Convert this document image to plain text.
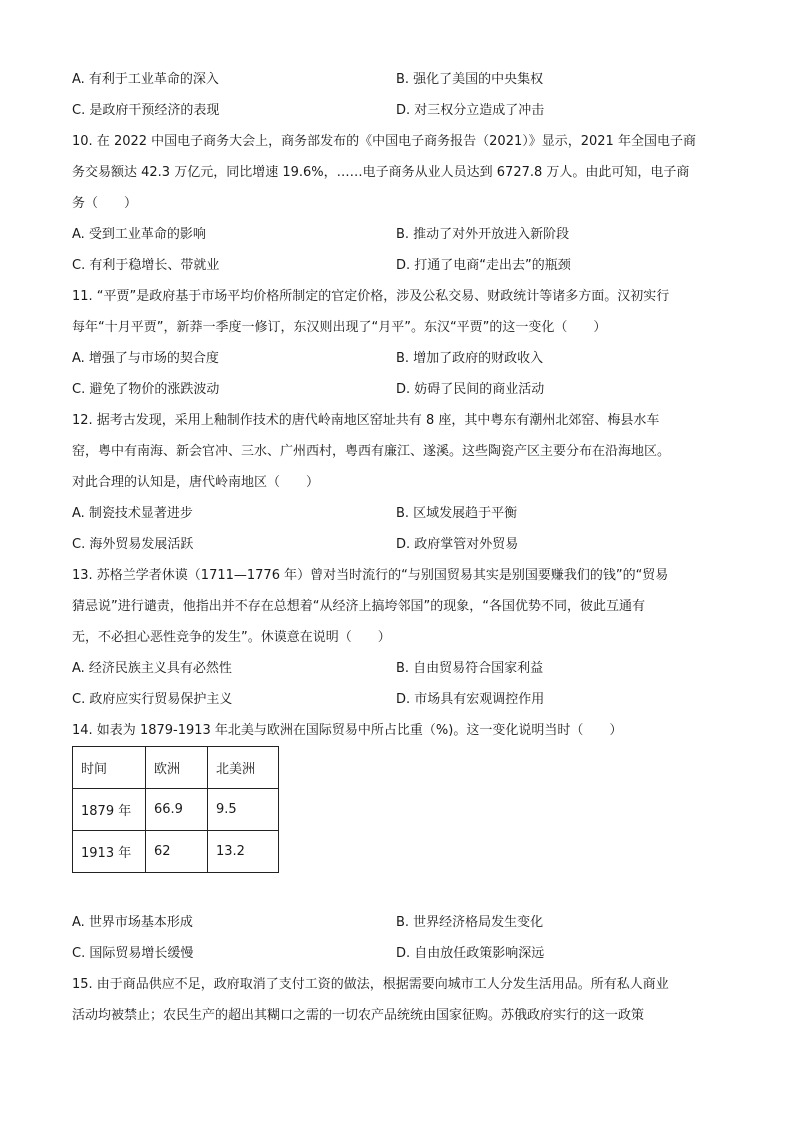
A. 有利于工业革命的深入	B. 强化了美国的中央集权
C. 是政府干预经济的表现	D. 对三权分立造成了冲击
10. 在 2022 中国电子商务大会上，商务部发布的《中国电子商务报告（2021）》显示，2021 年全国电子商
务交易额达 42.3 万亿元，同比增速 19.6%，……电子商务从业人员达到 6727.8 万人。由此可知，电子商
务（　　）
A. 受到工业革命的影响	B. 推动了对外开放进入新阶段
C. 有利于稳增长、带就业	D. 打通了电商“走出去”的瓶颈
11. “平贾”是政府基于市场平均价格所制定的官定价格，涉及公私交易、财政统计等诸多方面。汉初实行
每年“十月平贾”，新莽一季度一修订，东汉则出现了“月平”。东汉“平贾”的这一变化（　　）
A. 增强了与市场的契合度	B. 增加了政府的财政收入
C. 避免了物价的涨跌波动	D. 妨碍了民间的商业活动
12. 据考古发现，采用上釉制作技术的唐代岭南地区窑址共有 8 座，其中粤东有潮州北郊窑、梅县水车
窑，粤中有南海、新会官冲、三水、广州西村，粤西有廉江、遂溪。这些陶瓷产区主要分布在沿海地区。
对此合理的认知是，唐代岭南地区（　　）
A. 制瓷技术显著进步	B. 区域发展趋于平衡
C. 海外贸易发展活跃	D. 政府掌管对外贸易
13. 苏格兰学者休谟（1711—1776 年）曾对当时流行的“与别国贸易其实是别国要赚我们的钱”的“贸易
猜忌说”进行谴责，他指出并不存在总想着“从经济上搞垮邻国”的现象，“各国优势不同，彼此互通有
无，不必担心恶性竞争的发生”。休谟意在说明（　　）
A. 经济民族主义具有必然性	B. 自由贸易符合国家利益
C. 政府应实行贸易保护主义	D. 市场具有宏观调控作用
14. 如表为 1879-1913 年北美与欧洲在国际贸易中所占比重（%)。这一变化说明当时（　　）
时间	欧洲	北美洲
1879 年	66.9	9.5
1913 年	62	13.2
A. 世界市场基本形成	B. 世界经济格局发生变化
C. 国际贸易增长缓慢	D. 自由放任政策影响深远
15. 由于商品供应不足，政府取消了支付工资的做法，根据需要向城市工人分发生活用品。所有私人商业
活动均被禁止；农民生产的超出其糊口之需的一切农产品统统由国家征购。苏俄政府实行的这一政策
